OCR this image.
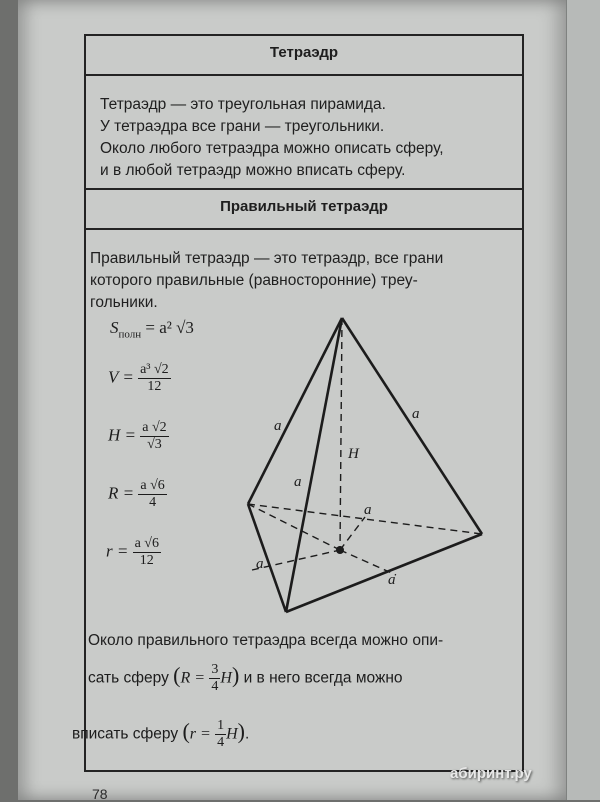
Тетраэдр
Тетраэдр — это треугольная пирамида.
У тетраэдра все грани — треугольники.
Около любого тетраэдра можно описать сферу,
и в любой тетраэдр можно вписать сферу.
Правильный тетраэдр
Правильный тетраэдр — это тетраэдр, все грани
которого правильные (равносторонние) треу-
гольники.
$S_{полн} = a^2$ √3
$V = \frac{\text{a³ √2}}{12}$
$H = \frac{a √2}{√3}$
$R = \frac{a √6}{4}$
$r = \frac{a √6}{12}$
a
a
a
a
a
a
H
Около правильного тетраэдра всегда можно опи-
сать сферу $(R = \frac{3}{4} H)$ и в него всегда можно
вписать сферу $(r = \frac{1}{4} H)$.
абиринт.ру
78
